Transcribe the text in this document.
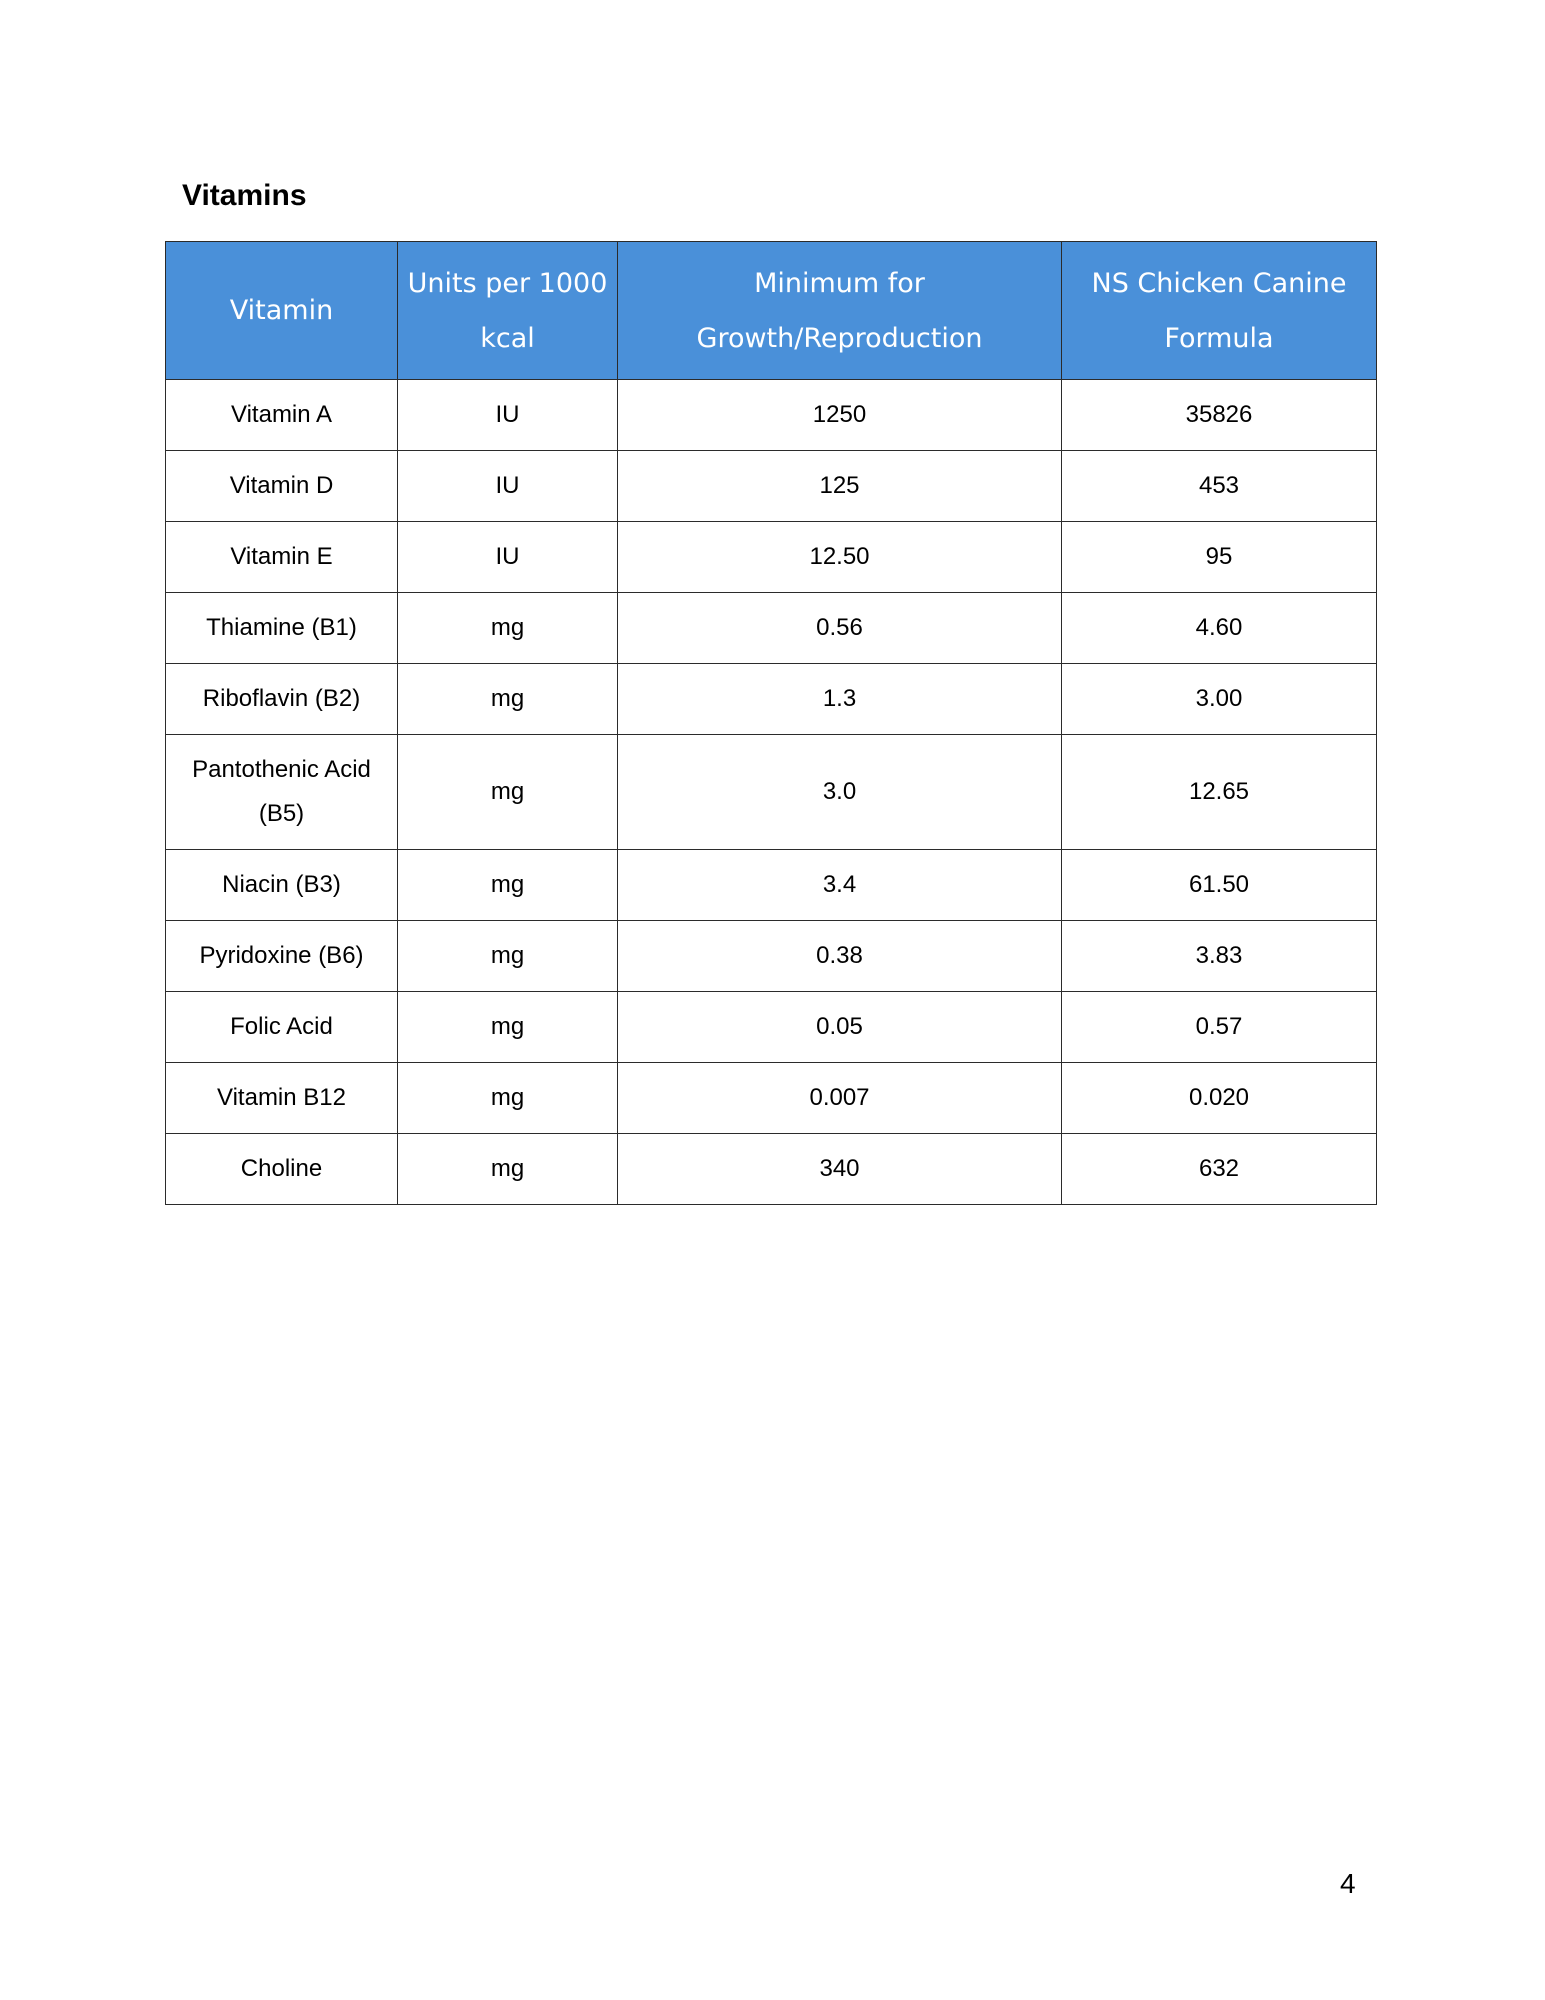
Vitamins
Vitamin	Units per 1000 kcal	Minimum for Growth/Reproduction	NS Chicken Canine Formula
Vitamin A	IU	1250	35826
Vitamin D	IU	125	453
Vitamin E	IU	12.50	95
Thiamine (B1)	mg	0.56	4.60
Riboflavin (B2)	mg	1.3	3.00
Pantothenic Acid (B5)	mg	3.0	12.65
Niacin (B3)	mg	3.4	61.50
Pyridoxine (B6)	mg	0.38	3.83
Folic Acid	mg	0.05	0.57
Vitamin B12	mg	0.007	0.020
Choline	mg	340	632
4
